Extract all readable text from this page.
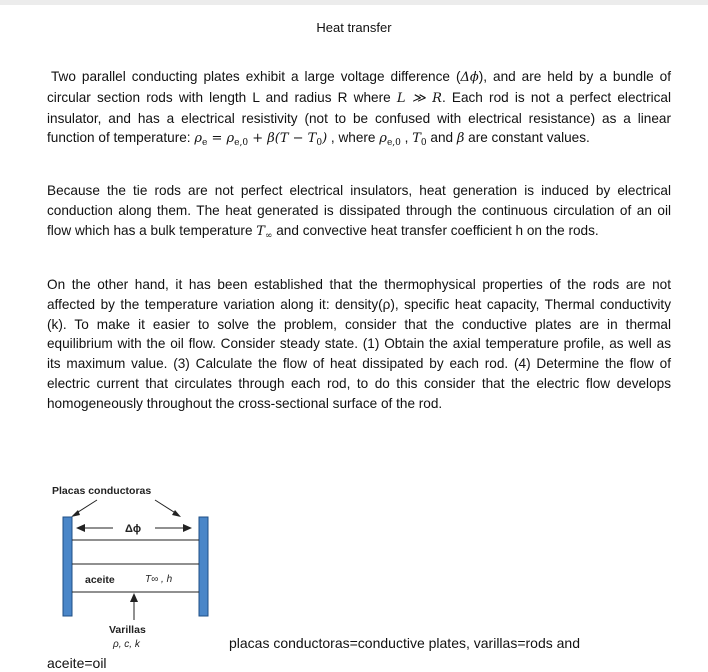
Heat transfer

Two parallel conducting plates exhibit a large voltage difference (Δϕ), and are held by a bundle of circular section rods with length L and radius R where L ≫ R. Each rod is not a perfect electrical insulator, and has a electrical resistivity (not to be confused with electrical resistance) as a linear function of temperature: $\rho_e = \rho_{e,0} + \beta(T - T_0)$ , where $\rho_{e,0}$ , $T_0$ and β are constant values.

Because the tie rods are not perfect electrical insulators, heat generation is induced by electrical conduction along them. The heat generated is dissipated through the continuous circulation of an oil flow which has a bulk temperature $T_\infty$ and convective heat transfer coefficient h on the rods.

On the other hand, it has been established that the thermophysical properties of the rods are not affected by the temperature variation along it: density(ρ), specific heat capacity, Thermal conductivity (k). To make it easier to solve the problem, consider that the conductive plates are in thermal equilibrium with the oil flow. Consider steady state. (1) Obtain the axial temperature profile, as well as its maximum value. (3) Calculate the flow of heat dissipated by each rod. (4) Determine the flow of electric current that circulates through each rod, to do this consider that the electric flow develops homogeneously throughout the cross-sectional surface of the rod.

Placas conductoras
Δϕ
aceite	T∞ , h
Varillas
ρ, c, k	placas conductoras=conductive plates, varillas=rods and
aceite=oil
